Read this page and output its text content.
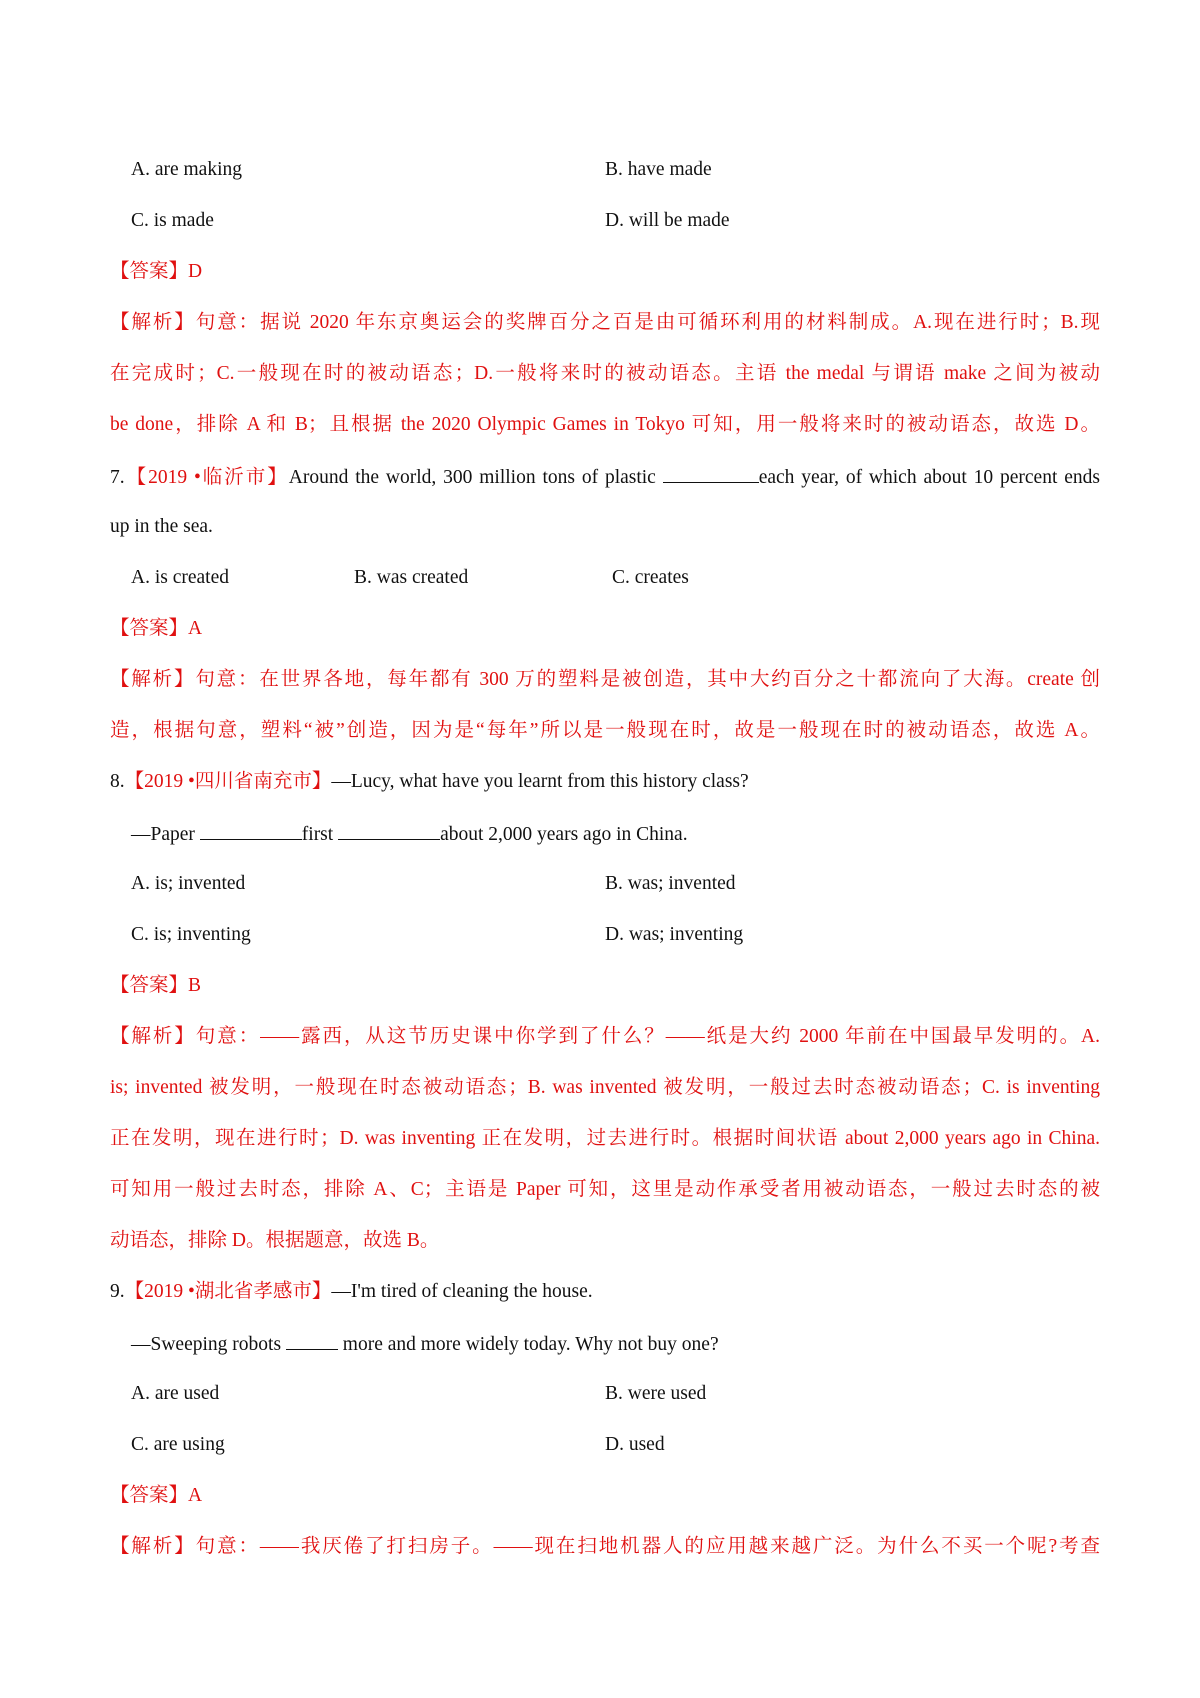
A. are making	B. have made
C. is made	D. will be made
【答案】D
【解析】句意：据说 2020 年东京奥运会的奖牌百分之百是由可循环利用的材料制成。A.现在进行时；B.现
在完成时；C.一般现在时的被动语态；D.一般将来时的被动语态。主语 the medal 与谓语 make 之间为被动
be done，排除 A 和 B；且根据 the 2020 Olympic Games in Tokyo 可知，用一般将来时的被动语态，故选 D。
7.【2019 •临沂市】Around the world, 300 million tons of plastic	each year, of which about 10 percent ends
up in the sea.
A. is created	B. was created	C. creates
【答案】A
【解析】句意：在世界各地，每年都有 300 万的塑料是被创造，其中大约百分之十都流向了大海。create 创
造，根据句意，塑料“被”创造，因为是“每年”所以是一般现在时，故是一般现在时的被动语态，故选 A。
8.【2019 •四川省南充市】—Lucy, what have you learnt from this history class?
—Paper	first	about 2,000 years ago in China.
A. is; invented	B. was; invented
C. is; inventing	D. was; inventing
【答案】B
【解析】句意：——露西，从这节历史课中你学到了什么？——纸是大约 2000 年前在中国最早发明的。A.
is; invented 被发明，一般现在时态被动语态；B. was invented 被发明，一般过去时态被动语态；C. is inventing
正在发明，现在进行时；D. was inventing 正在发明，过去进行时。根据时间状语 about 2,000 years ago in China.
可知用一般过去时态，排除 A、C；主语是 Paper 可知，这里是动作承受者用被动语态，一般过去时态的被
动语态，排除 D。根据题意，故选 B。
9.【2019 •湖北省孝感市】—I'm tired of cleaning the house.
—Sweeping robots	more and more widely today. Why not buy one?
A. are used	B. were used
C. are using	D. used
【答案】A
【解析】句意：——我厌倦了打扫房子。——现在扫地机器人的应用越来越广泛。为什么不买一个呢?考查
